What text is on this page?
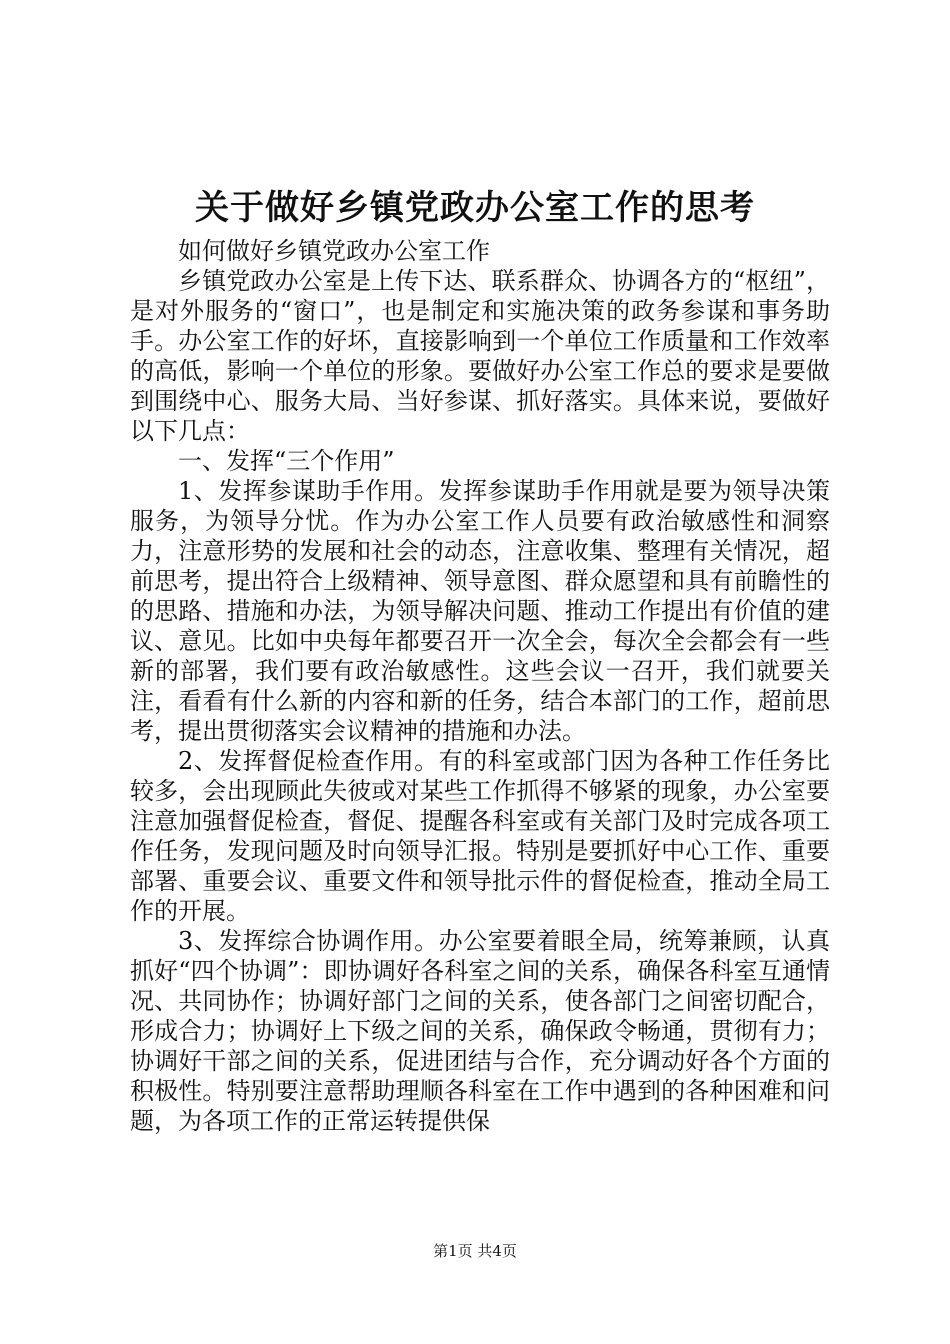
关于做好乡镇党政办公室工作的思考

如何做好乡镇党政办公室工作

乡镇党政办公室是上传下达、联系群众、协调各方的“枢纽”，是对外服务的“窗口”，也是制定和实施决策的政务参谋和事务助手。办公室工作的好坏，直接影响到一个单位工作质量和工作效率的高低，影响一个单位的形象。要做好办公室工作总的要求是要做到围绕中心、服务大局、当好参谋、抓好落实。具体来说，要做好以下几点：

一、发挥“三个作用”

1、发挥参谋助手作用。发挥参谋助手作用就是要为领导决策服务，为领导分忧。作为办公室工作人员要有政治敏感性和洞察力，注意形势的发展和社会的动态，注意收集、整理有关情况，超前思考，提出符合上级精神、领导意图、群众愿望和具有前瞻性的的思路、措施和办法，为领导解决问题、推动工作提出有价值的建议、意见。比如中央每年都要召开一次全会，每次全会都会有一些新的部署，我们要有政治敏感性。这些会议一召开，我们就要关注，看看有什么新的内容和新的任务，结合本部门的工作，超前思考，提出贯彻落实会议精神的措施和办法。

2、发挥督促检查作用。有的科室或部门因为各种工作任务比较多，会出现顾此失彼或对某些工作抓得不够紧的现象，办公室要注意加强督促检查，督促、提醒各科室或有关部门及时完成各项工作任务，发现问题及时向领导汇报。特别是要抓好中心工作、重要部署、重要会议、重要文件和领导批示件的督促检查，推动全局工作的开展。

3、发挥综合协调作用。办公室要着眼全局，统筹兼顾，认真抓好“四个协调”：即协调好各科室之间的关系，确保各科室互通情况、共同协作；协调好部门之间的关系，使各部门之间密切配合，形成合力；协调好上下级之间的关系，确保政令畅通，贯彻有力；协调好干部之间的关系，促进团结与合作，充分调动好各个方面的积极性。特别要注意帮助理顺各科室在工作中遇到的各种困难和问题，为各项工作的正常运转提供保

第1页 共4页
